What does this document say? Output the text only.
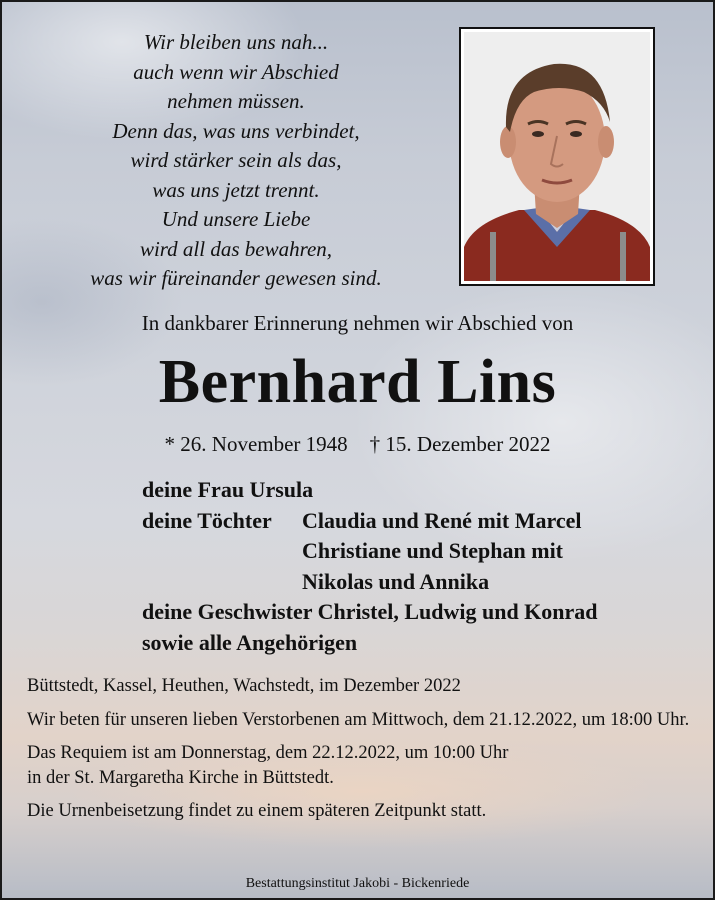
Wir bleiben uns nah...
auch wenn wir Abschied
nehmen müssen.
Denn das, was uns verbindet,
wird stärker sein als das,
was uns jetzt trennt.
Und unsere Liebe
wird all das bewahren,
was wir füreinander gewesen sind.
In dankbarer Erinnerung nehmen wir Abschied von
Bernhard Lins
* 26. November 1948 † 15. Dezember 2022
deine Frau Ursula
deine Töchter Claudia und René mit Marcel
Christiane und Stephan mit
Nikolas und Annika
deine Geschwister Christel, Ludwig und Konrad
sowie alle Angehörigen

Büttstedt, Kassel, Heuthen, Wachstedt, im Dezember 2022

Wir beten für unseren lieben Verstorbenen am Mittwoch, dem 21.12.2022, um 18:00 Uhr.

Das Requiem ist am Donnerstag, dem 22.12.2022, um 10:00 Uhr
in der St. Margaretha Kirche in Büttstedt.

Die Urnenbeisetzung findet zu einem späteren Zeitpunkt statt.

Bestattungsinstitut Jakobi - Bickenriede
